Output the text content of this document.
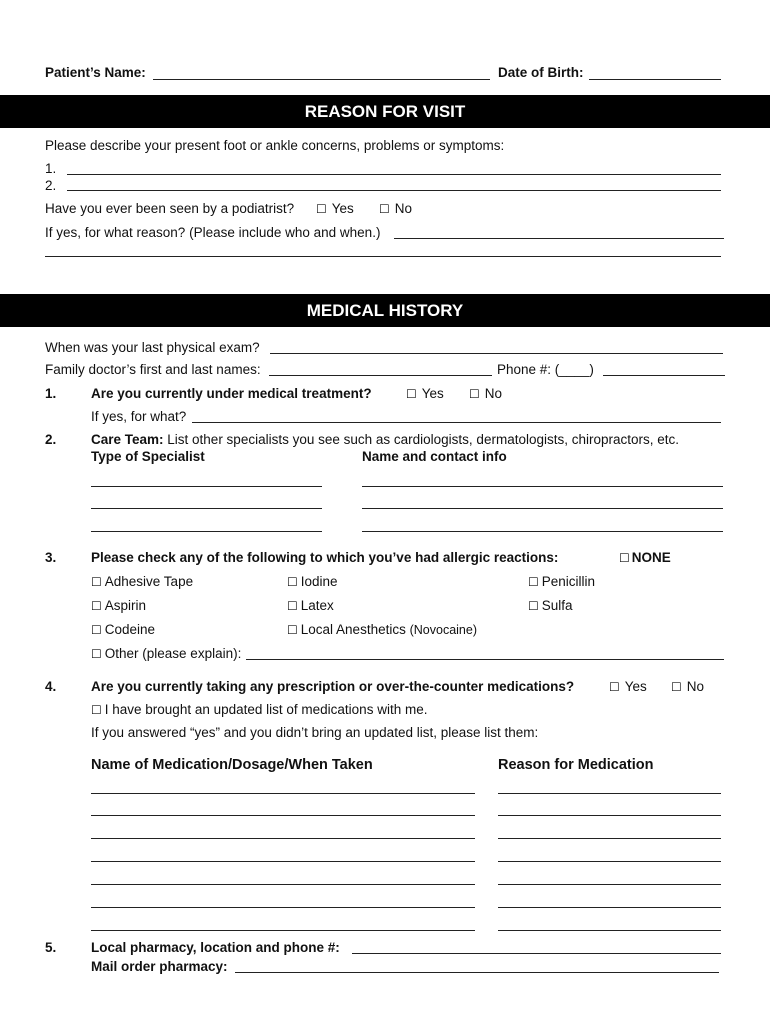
Patient’s Name:	Date of Birth:
REASON FOR VISIT
Please describe your present foot or ankle concerns, problems or symptoms:
1.
2.
Have you ever been seen by a podiatrist? ☐ Yes ☐ No
If yes, for what reason? (Please include who and when.)
MEDICAL HISTORY
When was your last physical exam?
Family doctor’s first and last names:	Phone #: (____)
1.	Are you currently under medical treatment?	☐ Yes ☐ No
If yes, for what?
2.	Care Team: List other specialists you see such as cardiologists, dermatologists, chiropractors, etc.
Type of Specialist	Name and contact info
3.	Please check any of the following to which you’ve had allergic reactions:	☐ NONE
☐ Adhesive Tape	☐ Iodine	☐ Penicillin
☐ Aspirin	☐ Latex	☐ Sulfa
☐ Codeine	☐ Local Anesthetics (Novocaine)
☐ Other (please explain):
4.	Are you currently taking any prescription or over-the-counter medications?	☐ Yes ☐ No
☐ I have brought an updated list of medications with me.
If you answered “yes” and you didn’t bring an updated list, please list them:
Name of Medication/Dosage/When Taken	Reason for Medication
5.	Local pharmacy, location and phone #:
Mail order pharmacy:
